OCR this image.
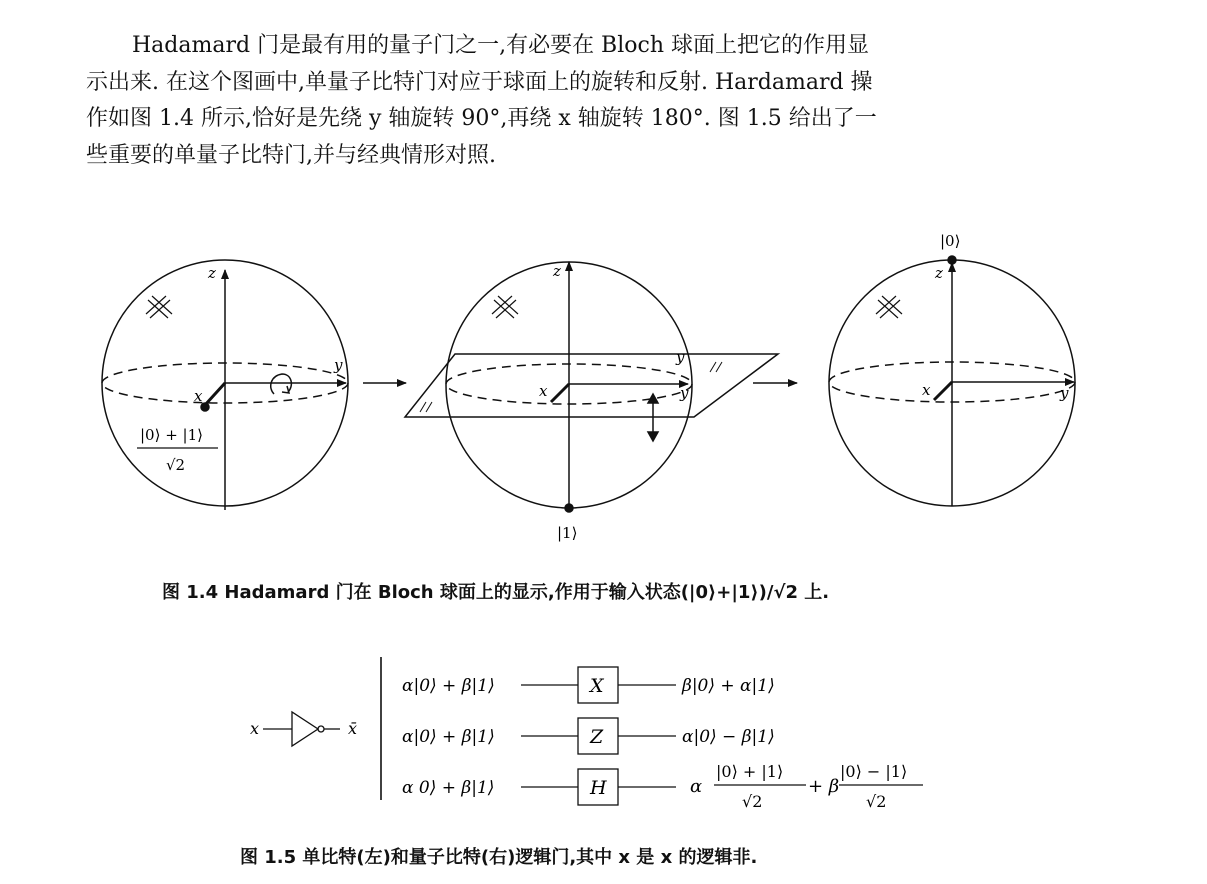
Hadamard 门是最有用的量子门之一,有必要在 Bloch 球面上把它的作用显

示出来. 在这个图画中,单量子比特门对应于球面上的旋转和反射. Hardamard 操

作如图 1.4 所示,恰好是先绕 y 轴旋转 90°,再绕 x 轴旋转 180°. 图 1.5 给出了一

些重要的单量子比特门,并与经典情形对照.

z
y
x
|0⟩ + |1⟩
√2
z
y
y
x
|1⟩
z
y
x
|0⟩
图 1.4 Hadamard 门在 Bloch 球面上的显示,作用于输入状态(|0⟩+|1⟩)/√2 上.
x	x̄
α|0⟩ + β|1⟩	X	β|0⟩ + α|1⟩
α|0⟩ + β|1⟩	Z	α|0⟩ − β|1⟩
α 0⟩ + β|1⟩	H	α
|0⟩ + |1⟩
√2
+ β
|0⟩ − |1⟩
√2
图 1.5 单比特(左)和量子比特(右)逻辑门,其中 x 是 x 的逻辑非.
